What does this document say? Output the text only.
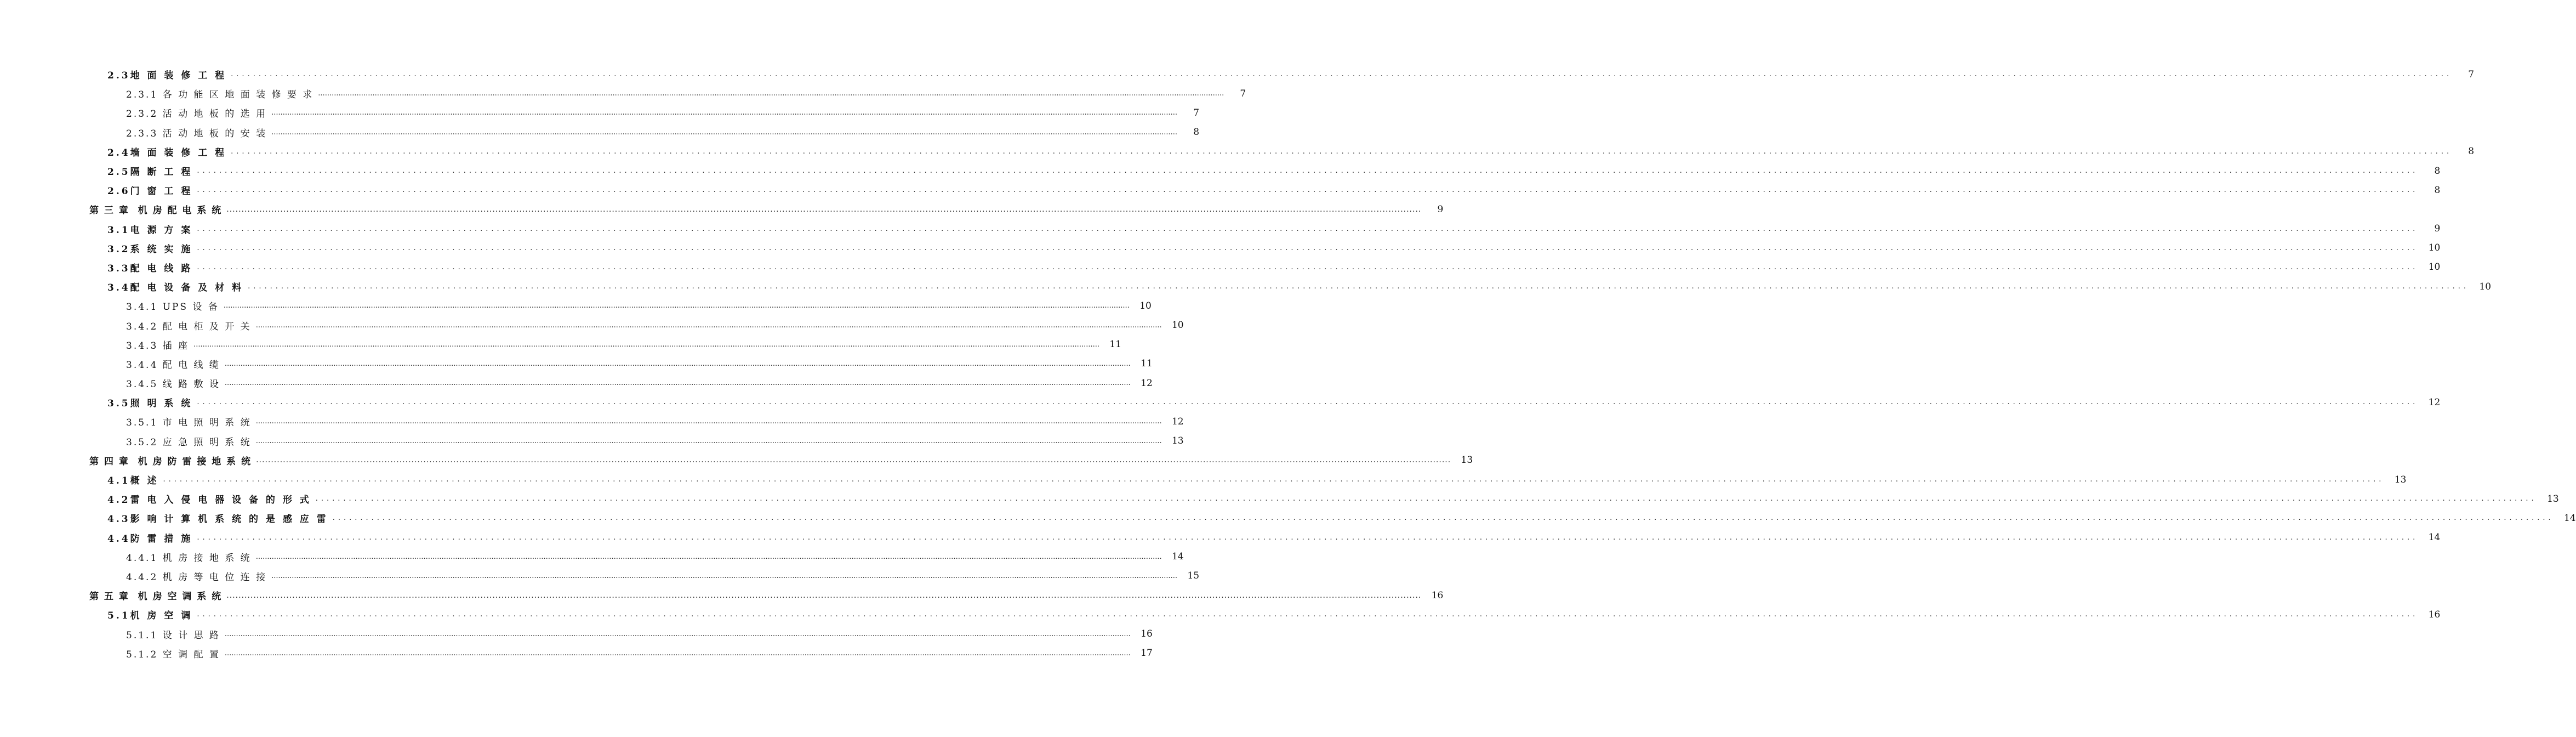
2.3地 面 装 修 工 程 ................................................................................................................................................................................................................................................................................................................................................................................................................	7
2.3.1 各 功 能 区 地 面 装 修 要 求 ................................................................................................................................................................................................................................................................................................................................................................................................................	7
2.3.2 活 动 地 板 的 选 用 ................................................................................................................................................................................................................................................................................................................................................................................................................	7
2.3.3 活 动 地 板 的 安 装 ................................................................................................................................................................................................................................................................................................................................................................................................................	8
2.4墙 面 装 修 工 程 ................................................................................................................................................................................................................................................................................................................................................................................................................	8
2.5隔 断 工 程 ................................................................................................................................................................................................................................................................................................................................................................................................................	8
2.6门 窗 工 程 ................................................................................................................................................................................................................................................................................................................................................................................................................	8
第 三 章  机 房 配 电 系 统 ................................................................................................................................................................................................................................................................................................................................................................................................................	9
3.1电 源 方 案 ................................................................................................................................................................................................................................................................................................................................................................................................................	9
3.2系 统 实 施 ................................................................................................................................................................................................................................................................................................................................................................................................................	10
3.3配 电 线 路 ................................................................................................................................................................................................................................................................................................................................................................................................................	10
3.4配 电 设 备 及 材 料 ................................................................................................................................................................................................................................................................................................................................................................................................................	10
3.4.1 UPS 设 备 ................................................................................................................................................................................................................................................................................................................................................................................................................	10
3.4.2 配 电 柜 及 开 关 ................................................................................................................................................................................................................................................................................................................................................................................................................	10
3.4.3 插 座 ................................................................................................................................................................................................................................................................................................................................................................................................................	11
3.4.4 配 电 线 缆 ................................................................................................................................................................................................................................................................................................................................................................................................................	11
3.4.5 线 路 敷 设 ................................................................................................................................................................................................................................................................................................................................................................................................................	12
3.5照 明 系 统 ................................................................................................................................................................................................................................................................................................................................................................................................................	12
3.5.1 市 电 照 明 系 统 ................................................................................................................................................................................................................................................................................................................................................................................................................	12
3.5.2 应 急 照 明 系 统 ................................................................................................................................................................................................................................................................................................................................................................................................................	13
第 四 章  机 房 防 雷 接 地 系 统 ................................................................................................................................................................................................................................................................................................................................................................................................................	13
4.1概 述 ................................................................................................................................................................................................................................................................................................................................................................................................................	13
4.2雷 电 入 侵 电 器 设 备 的 形 式 ................................................................................................................................................................................................................................................................................................................................................................................................................	13
4.3影 响 计 算 机 系 统 的 是 感 应 雷 ................................................................................................................................................................................................................................................................................................................................................................................................................	14
4.4防 雷 措 施 ................................................................................................................................................................................................................................................................................................................................................................................................................	14
4.4.1 机 房 接 地 系 统 ................................................................................................................................................................................................................................................................................................................................................................................................................	14
4.4.2 机 房 等 电 位 连 接 ................................................................................................................................................................................................................................................................................................................................................................................................................	15
第 五 章  机 房 空 调 系 统 ................................................................................................................................................................................................................................................................................................................................................................................................................	16
5.1机 房 空 调 ................................................................................................................................................................................................................................................................................................................................................................................................................	16
5.1.1 设 计 思 路 ................................................................................................................................................................................................................................................................................................................................................................................................................	16
5.1.2 空 调 配 置 ................................................................................................................................................................................................................................................................................................................................................................................................................	17
